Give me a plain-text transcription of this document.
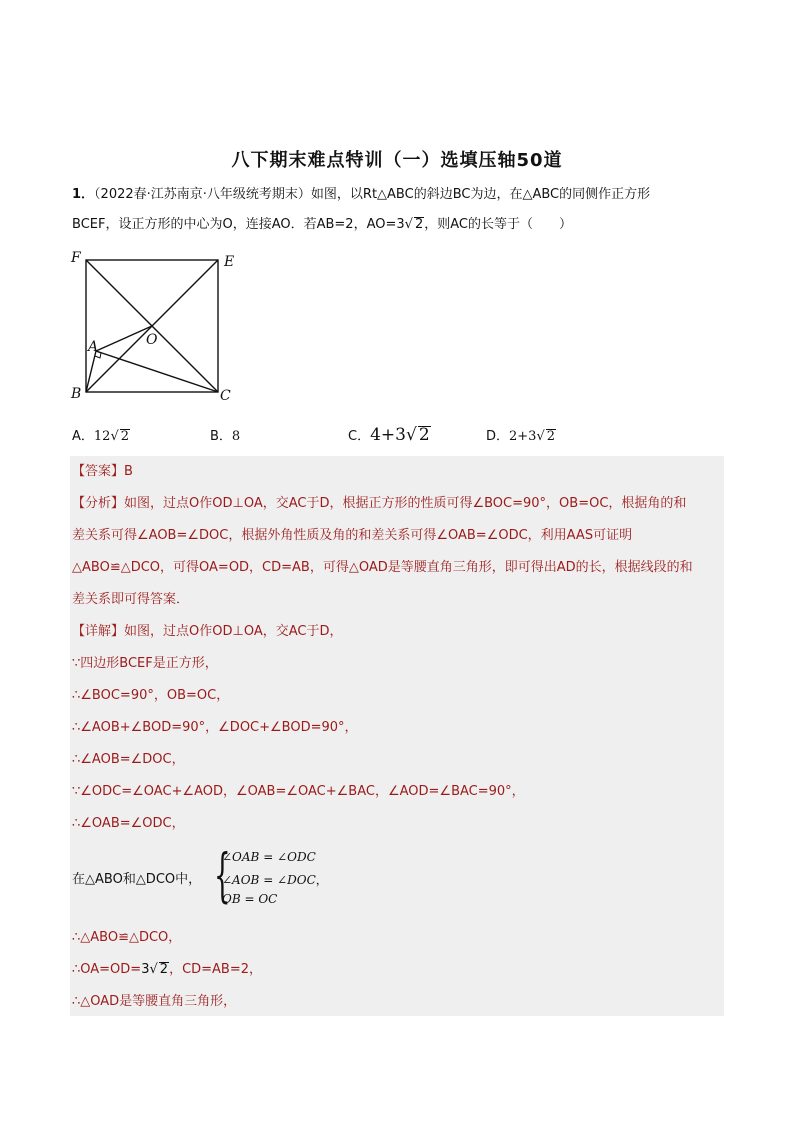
八下期末难点特训（一）选填压轴50道
1．（2022春·江苏南京·八年级统考期末）如图，以Rt△ABC的斜边BC为边，在△ABC的同侧作正方形
BCEF，设正方形的中心为O，连接AO．若AB=2，AO=3√ 2，则AC的长等于（　　）
F	E
A	O
B	C
A．12√ 2	B．8	C．4+3√ 2	D．2+3√ 2
【答案】B
【分析】如图，过点O作OD⊥OA，交AC于D，根据正方形的性质可得∠BOC=90°，OB=OC，根据角的和
差关系可得∠AOB=∠DOC，根据外角性质及角的和差关系可得∠OAB=∠ODC，利用AAS可证明
△ABO≌△DCO，可得OA=OD，CD=AB，可得△OAD是等腰直角三角形，即可得出AD的长，根据线段的和
差关系即可得答案．
【详解】如图，过点O作OD⊥OA，交AC于D，
∵四边形BCEF是正方形，
∴∠BOC=90°，OB=OC，
∴∠AOB+∠BOD=90°，∠DOC+∠BOD=90°，
∴∠AOB=∠DOC，
∵∠ODC=∠OAC+∠AOD，∠OAB=∠OAC+∠BAC，∠AOD=∠BAC=90°，
∴∠OAB=∠ODC，
在△ABO和△DCO中， {
∠OAB = ∠ODC
∠AOB = ∠DOC，
OB = OC
∴△ABO≌△DCO，
∴OA=OD=3√ 2，CD=AB=2，
∴△OAD是等腰直角三角形，
